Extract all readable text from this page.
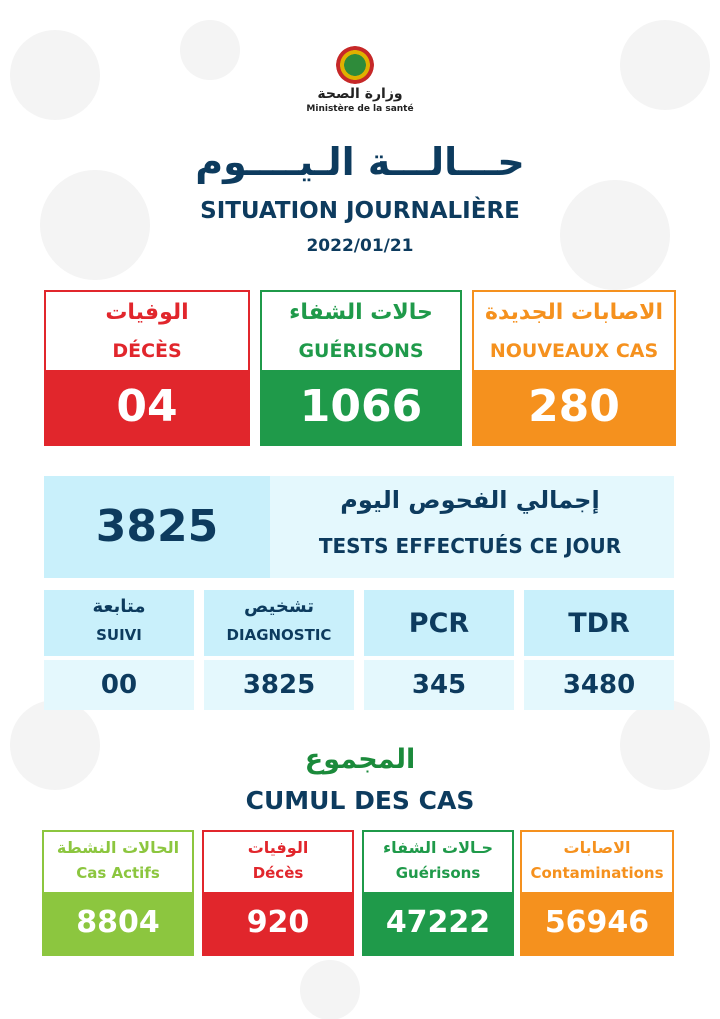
وزارة الصحة
Ministère de la santé
حـــالـــة الـيــــوم
SITUATION JOURNALIÈRE
2022/01/21
الوفيات
DÉCÈS
04
حالات الشفاء
GUÉRISONS
1066
الاصابات الجديدة
NOUVEAUX CAS
280
3825
إجمالي الفحوص اليوم
TESTS EFFECTUÉS CE JOUR
متابعة
SUIVI
00
تشخيص
DIAGNOSTIC
3825
PCR
345
TDR
3480
المجموع
CUMUL DES CAS
الحالات النشطة
Cas Actifs
8804
الوفيات
Décès
920
حـالات الشفاء
Guérisons
47222
الاصابات
Contaminations
56946
